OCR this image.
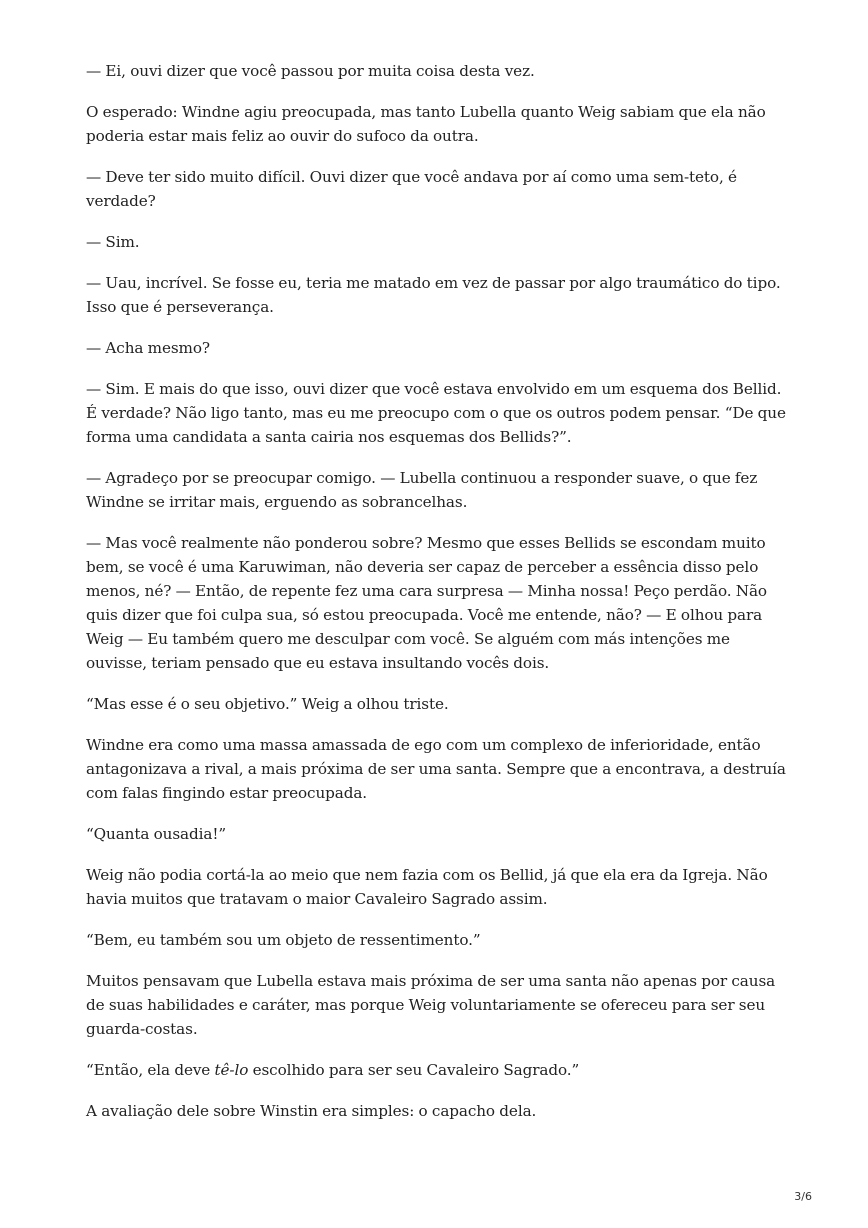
— Ei, ouvi dizer que você passou por muita coisa desta vez.

O esperado: Windne agiu preocupada, mas tanto Lubella quanto Weig sabiam que ela não poderia estar mais feliz ao ouvir do sufoco da outra.

— Deve ter sido muito difícil. Ouvi dizer que você andava por aí como uma sem-teto, é verdade?

— Sim.

— Uau, incrível. Se fosse eu, teria me matado em vez de passar por algo traumático do tipo. Isso que é perseverança.

— Acha mesmo?

— Sim. E mais do que isso, ouvi dizer que você estava envolvido em um esquema dos Bellid. É verdade? Não ligo tanto, mas eu me preocupo com o que os outros podem pensar. “De que forma uma candidata a santa cairia nos esquemas dos Bellids?”.

— Agradeço por se preocupar comigo. — Lubella continuou a responder suave, o que fez Windne se irritar mais, erguendo as sobrancelhas.

— Mas você realmente não ponderou sobre? Mesmo que esses Bellids se escondam muito bem, se você é uma Karuwiman, não deveria ser capaz de perceber a essência disso pelo menos, né? — Então, de repente fez uma cara surpresa — Minha nossa! Peço perdão. Não quis dizer que foi culpa sua, só estou preocupada. Você me entende, não? — E olhou para Weig — Eu também quero me desculpar com você. Se alguém com más intenções me ouvisse, teriam pensado que eu estava insultando vocês dois.

“Mas esse é o seu objetivo.” Weig a olhou triste.

Windne era como uma massa amassada de ego com um complexo de inferioridade, então antagonizava a rival, a mais próxima de ser uma santa. Sempre que a encontrava, a destruía com falas fingindo estar preocupada.

“Quanta ousadia!”

Weig não podia cortá-la ao meio que nem fazia com os Bellid, já que ela era da Igreja. Não havia muitos que tratavam o maior Cavaleiro Sagrado assim.

“Bem, eu também sou um objeto de ressentimento.”

Muitos pensavam que Lubella estava mais próxima de ser uma santa não apenas por causa de suas habilidades e caráter, mas porque Weig voluntariamente se ofereceu para ser seu guarda-costas.

“Então, ela deve tê-lo escolhido para ser seu Cavaleiro Sagrado.”

A avaliação dele sobre Winstin era simples: o capacho dela.

3/6
